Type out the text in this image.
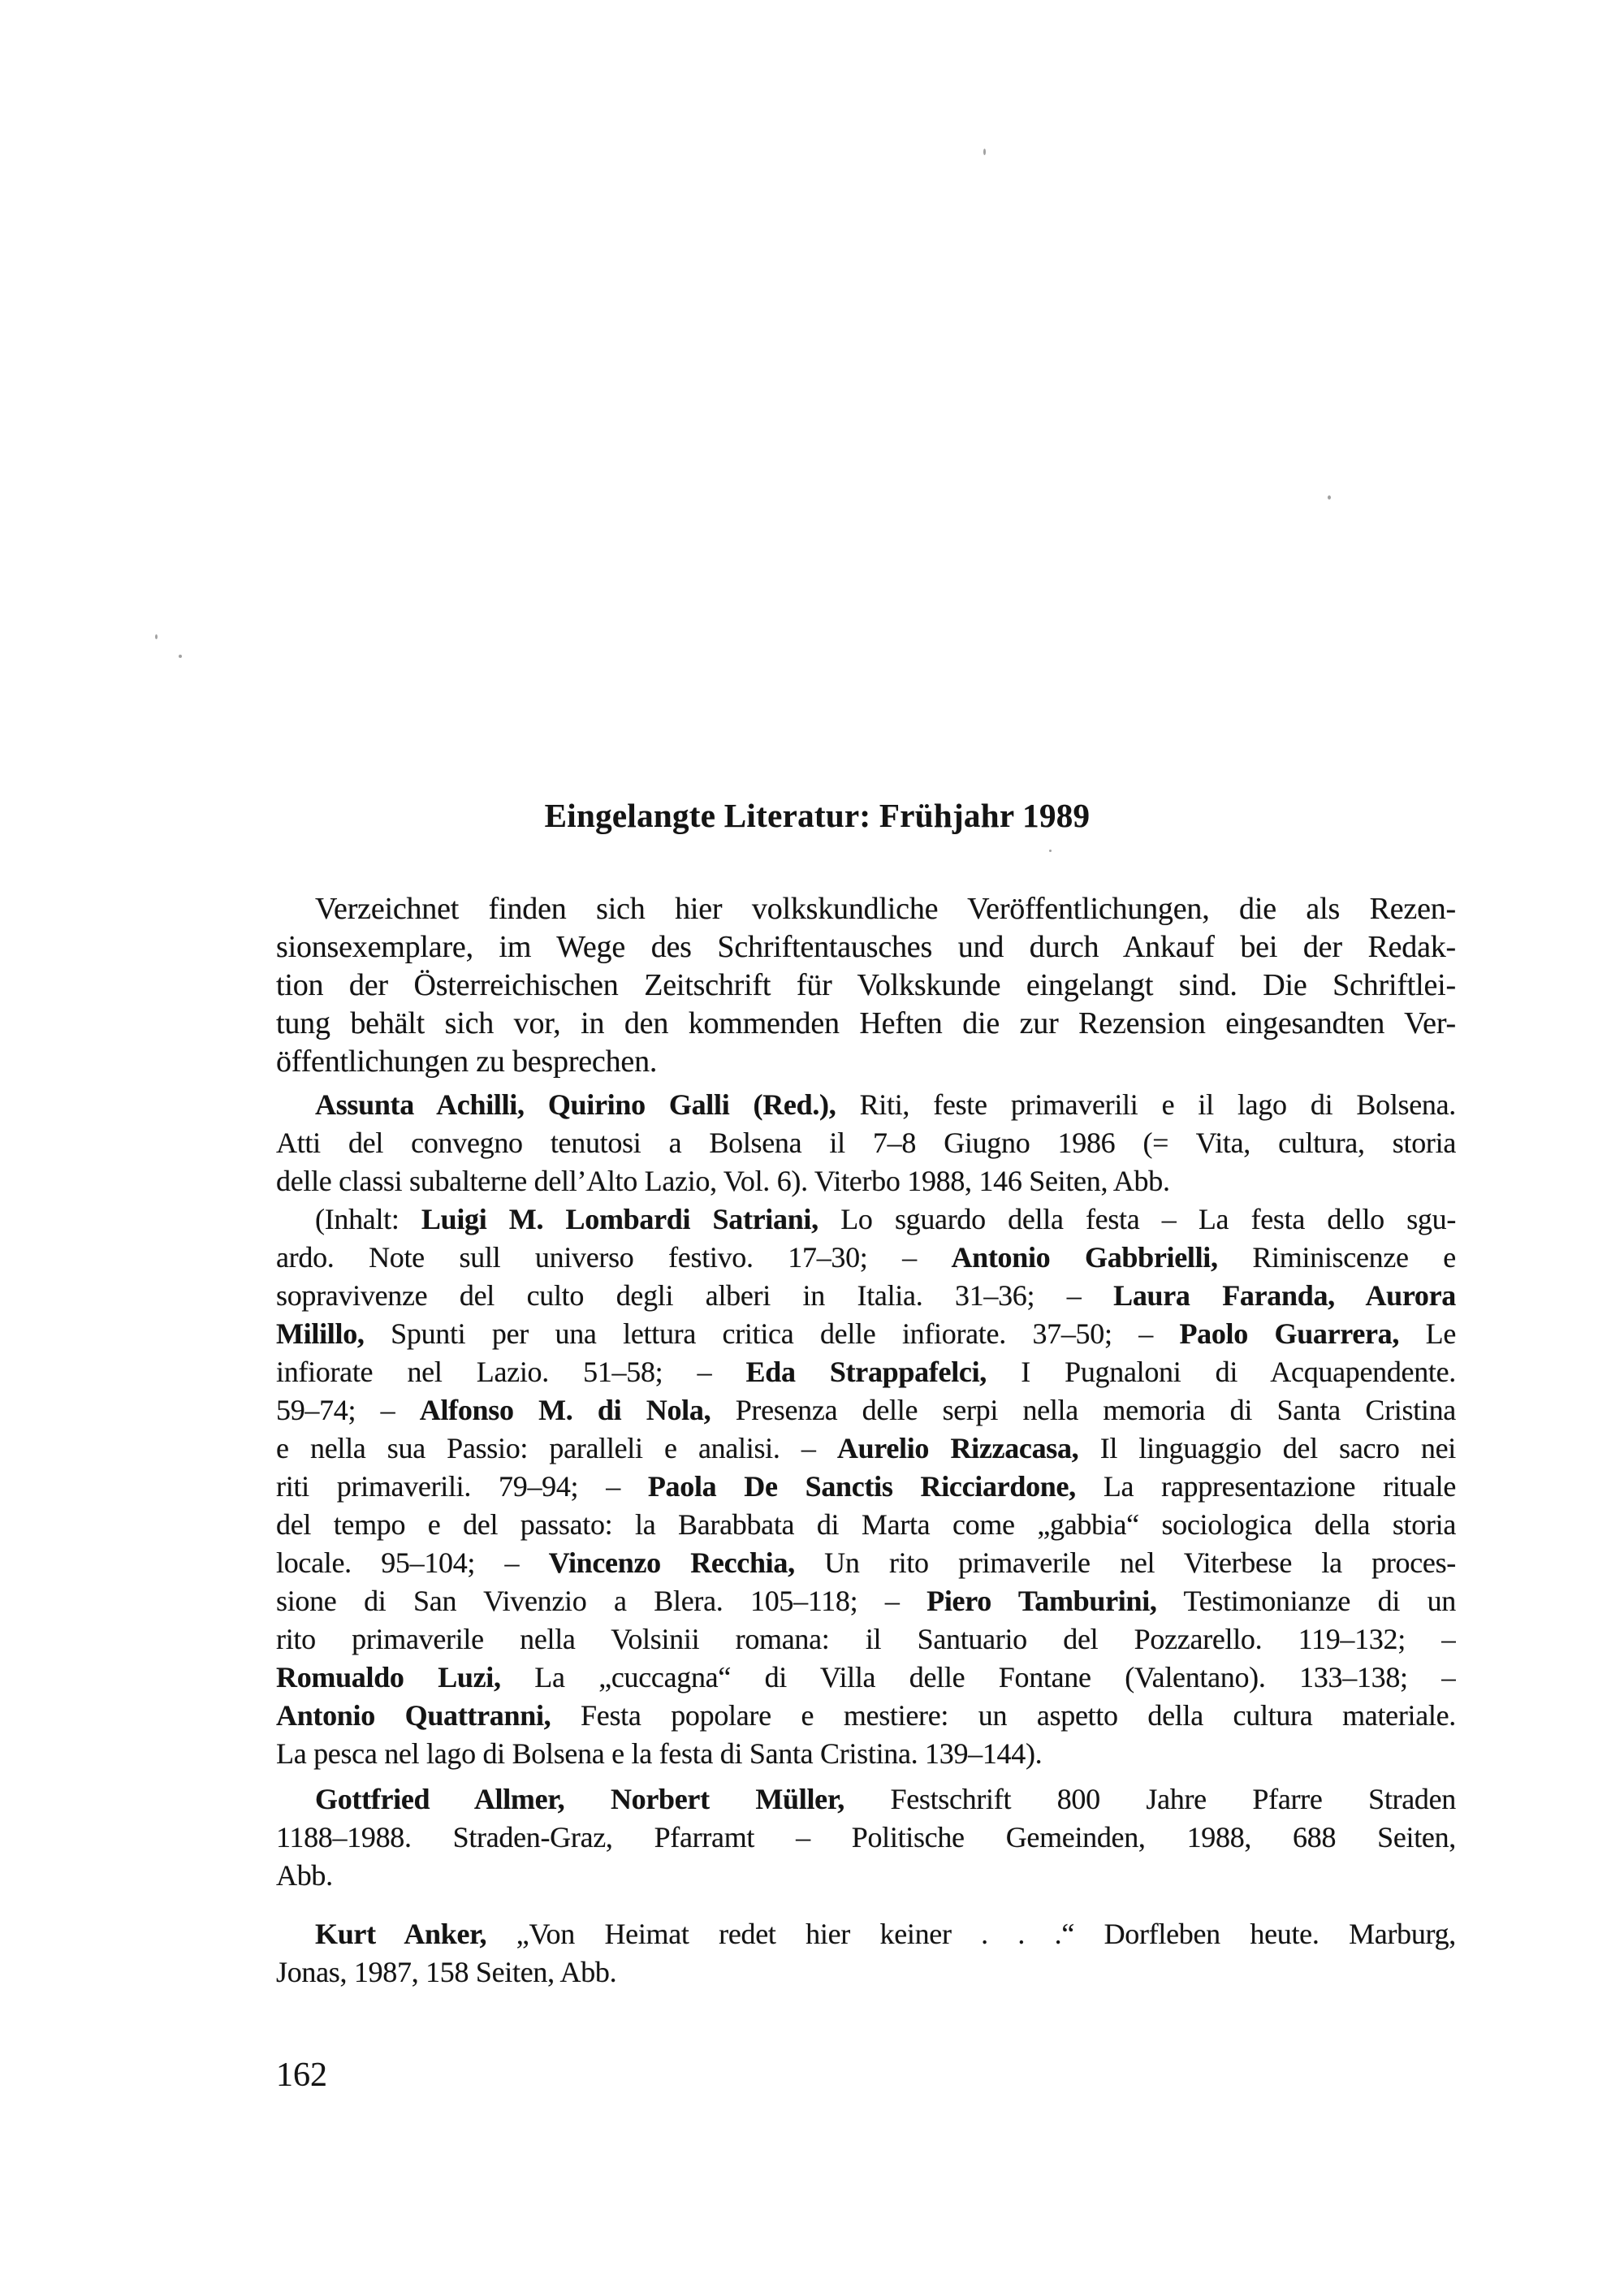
Eingelangte Literatur: Frühjahr 1989
Verzeichnet finden sich hier volkskundliche Veröffentlichungen, die als Rezen-
sionsexemplare, im Wege des Schriftentausches und durch Ankauf bei der Redak-
tion der Österreichischen Zeitschrift für Volkskunde eingelangt sind. Die Schriftlei-
tung behält sich vor, in den kommenden Heften die zur Rezension eingesandten Ver-
öffentlichungen zu besprechen.
Assunta Achilli, Quirino Galli (Red.), Riti, feste primaverili e il lago di Bolsena.
Atti del convegno tenutosi a Bolsena il 7–8 Giugno 1986 (= Vita, cultura, storia
delle classi subalterne dell’Alto Lazio, Vol. 6). Viterbo 1988, 146 Seiten, Abb.
(Inhalt: Luigi M. Lombardi Satriani, Lo sguardo della festa – La festa dello sgu-
ardo. Note sull universo festivo. 17–30; – Antonio Gabbrielli, Riminiscenze e
sopravivenze del culto degli alberi in Italia. 31–36; – Laura Faranda, Aurora
Milillo, Spunti per una lettura critica delle infiorate. 37–50; – Paolo Guarrera, Le
infiorate nel Lazio. 51–58; – Eda Strappafelci, I Pugnaloni di Acquapendente.
59–74; – Alfonso M. di Nola, Presenza delle serpi nella memoria di Santa Cristina
e nella sua Passio: paralleli e analisi. – Aurelio Rizzacasa, Il linguaggio del sacro nei
riti primaverili. 79–94; – Paola De Sanctis Ricciardone, La rappresentazione rituale
del tempo e del passato: la Barabbata di Marta come „gabbia“ sociologica della storia
locale. 95–104; – Vincenzo Recchia, Un rito primaverile nel Viterbese la proces-
sione di San Vivenzio a Blera. 105–118; – Piero Tamburini, Testimonianze di un
rito primaverile nella Volsinii romana: il Santuario del Pozzarello. 119–132; –
Romualdo Luzi, La „cuccagna“ di Villa delle Fontane (Valentano). 133–138; –
Antonio Quattranni, Festa popolare e mestiere: un aspetto della cultura materiale.
La pesca nel lago di Bolsena e la festa di Santa Cristina. 139–144).
Gottfried Allmer, Norbert Müller, Festschrift 800 Jahre Pfarre Straden
1188–1988. Straden-Graz, Pfarramt – Politische Gemeinden, 1988, 688 Seiten,
Abb.
Kurt Anker, „Von Heimat redet hier keiner . . .“ Dorfleben heute. Marburg,
Jonas, 1987, 158 Seiten, Abb.
162
